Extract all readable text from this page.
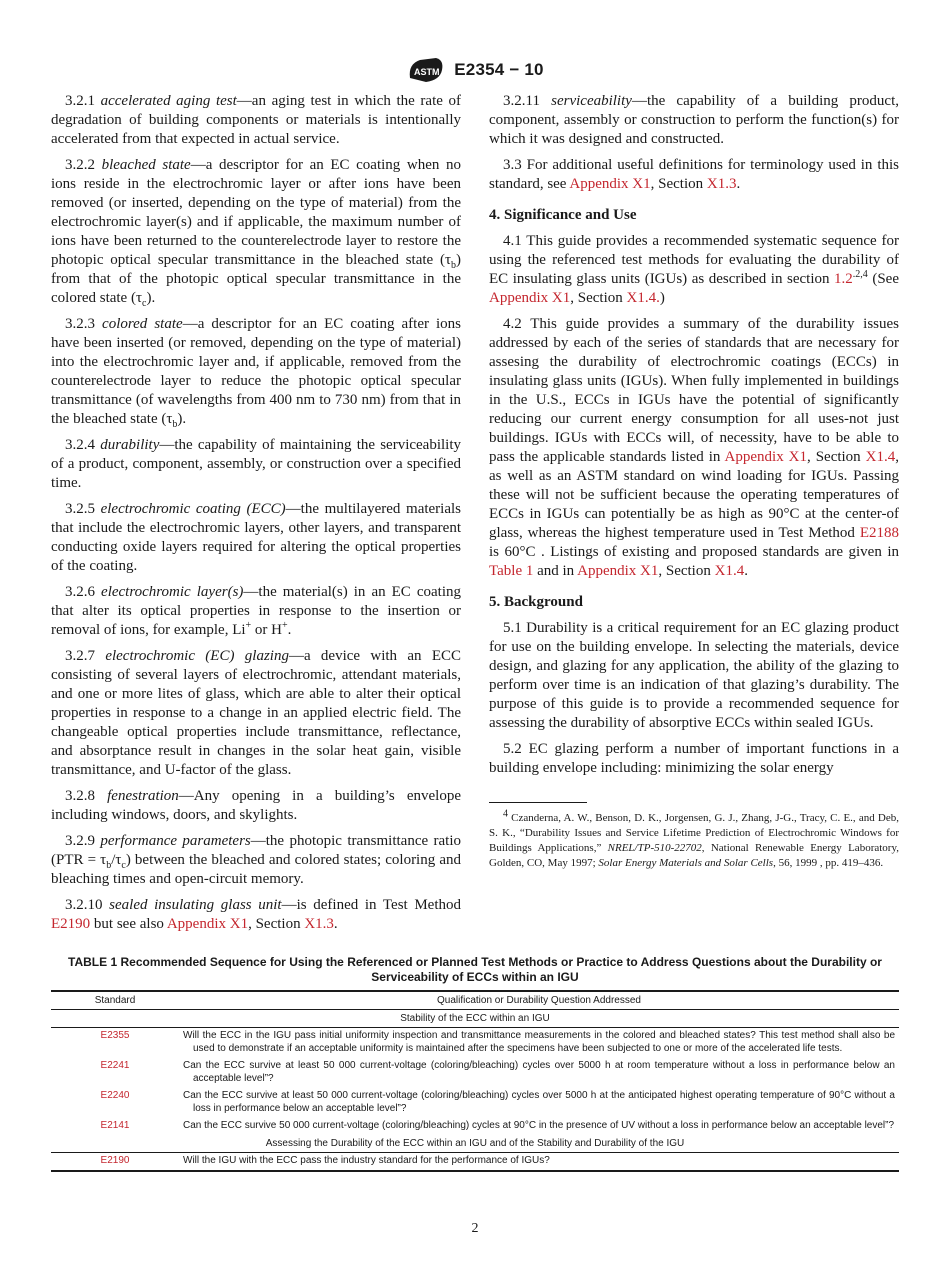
ASTM E2354 − 10

3.2.1 accelerated aging test—an aging test in which the rate of degradation of building components or materials is intentionally accelerated from that expected in actual service.

3.2.2 bleached state—a descriptor for an EC coating when no ions reside in the electrochromic layer or after ions have been removed (or inserted, depending on the type of material) from the electrochromic layer(s) and if applicable, the maximum number of ions have been returned to the counterelectrode layer to restore the photopic optical specular transmittance in the bleached state $(\tau_b)$ from that of the photopic optical specular transmittance in the colored state $(\tau_c)$.

3.2.3 colored state—a descriptor for an EC coating after ions have been inserted (or removed, depending on the type of material) into the electrochromic layer and, if applicable, removed from the counterelectrode layer to reduce the photopic optical specular transmittance (of wavelengths from 400 nm to 730 nm) from that in the bleached state $(\tau_b)$.

3.2.4 durability—the capability of maintaining the serviceability of a product, component, assembly, or construction over a specified time.

3.2.5 electrochromic coating (ECC)—the multilayered materials that include the electrochromic layers, other layers, and transparent conducting oxide layers required for altering the optical properties of the coating.

3.2.6 electrochromic layer(s)—the material(s) in an EC coating that alter its optical properties in response to the insertion or removal of ions, for example, Li+ or H+.

3.2.7 electrochromic (EC) glazing—a device with an ECC consisting of several layers of electrochromic, attendant materials, and one or more lites of glass, which are able to alter their optical properties in response to a change in an applied electric field. The changeable optical properties include transmittance, reflectance, and absorptance result in changes in the solar heat gain, visible transmittance, and U-factor of the glass.

3.2.8 fenestration—Any opening in a building’s envelope including windows, doors, and skylights.

3.2.9 performance parameters—the photopic transmittance ratio $(PTR = \tau_b/\tau_c)$ between the bleached and colored states; coloring and bleaching times and open-circuit memory.

3.2.10 sealed insulating glass unit—is defined in Test Method E2190 but see also Appendix X1, Section X1.3.

3.2.11 serviceability—the capability of a building product, component, assembly or construction to perform the function(s) for which it was designed and constructed.

3.3 For additional useful definitions for terminology used in this standard, see Appendix X1, Section X1.3.

4. Significance and Use

4.1 This guide provides a recommended systematic sequence for using the referenced test methods for evaluating the durability of EC insulating glass units (IGUs) as described in section $1.2^{.2,4}$ (See Appendix X1, Section X1.4.)

4.2 This guide provides a summary of the durability issues addressed by each of the series of standards that are necessary for assesing the durability of electrochromic coatings (ECCs) in insulating glass units (IGUs). When fully implemented in buildings in the U.S., ECCs in IGUs have the potential of significantly reducing our current energy consumption for all uses-not just buildings. IGUs with ECCs will, of necessity, have to be able to pass the applicable standards listed in Appendix X1, Section X1.4, as well as an ASTM standard on wind loading for IGUs. Passing these will not be sufficient because the operating temperatures of ECCs in IGUs can potentially be as high as 90°C at the center-of glass, whereas the highest temperature used in Test Method E2188 is 60°C . Listings of existing and proposed standards are given in Table 1 and in Appendix X1, Section X1.4.

5. Background

5.1 Durability is a critical requirement for an EC glazing product for use on the building envelope. In selecting the materials, device design, and glazing for any application, the ability of the glazing to perform over time is an indication of that glazing’s durability. The purpose of this guide is to provide a recommended sequence for assessing the durability of absorptive ECCs within sealed IGUs.

5.2 EC glazing perform a number of important functions in a building envelope including: minimizing the solar energy

$^4$ Czanderna, A. W., Benson, D. K., Jorgensen, G. J., Zhang, J-G., Tracy, C. E., and Deb, S. K., “Durability Issues and Service Lifetime Prediction of Electrochromic Windows for Buildings Applications,” NREL/TP-510-22702, National Renewable Energy Laboratory, Golden, CO, May 1997; Solar Energy Materials and Solar Cells, 56, 1999 , pp. 419–436.

TABLE 1 Recommended Sequence for Using the Referenced or Planned Test Methods or Practice to Address Questions about the Durability or Serviceability of ECCs within an IGU

Standard	Qualification or Durability Question Addressed
Stability of the ECC within an IGU	
E2355	Will the ECC in the IGU pass initial uniformity inspection and transmittance measurements in the colored and bleached states? This test method shall also be used to demonstrate if an acceptable uniformity is maintained after the specimens have been subjected to one or more of the accelerated life tests.

E2241	Can the ECC survive at least 50 000 current-voltage (coloring/bleaching) cycles over 5000 h at room temperature without a loss in performance below an acceptable level”?

E2240	Can the ECC survive at least 50 000 current-voltage (coloring/bleaching) cycles over 5000 h at the anticipated highest operating temperature of 90°C without a loss in performance below an acceptable level”?

E2141	Can the ECC survive 50 000 current-voltage (coloring/bleaching) cycles at 90°C in the presence of UV without a loss in performance below an acceptable level”?

Assessing the Durability of the ECC within an IGU and of the Stability and Durability of the IGU	
E2190	Will the IGU with the ECC pass the industry standard for the performance of IGUs?
2
